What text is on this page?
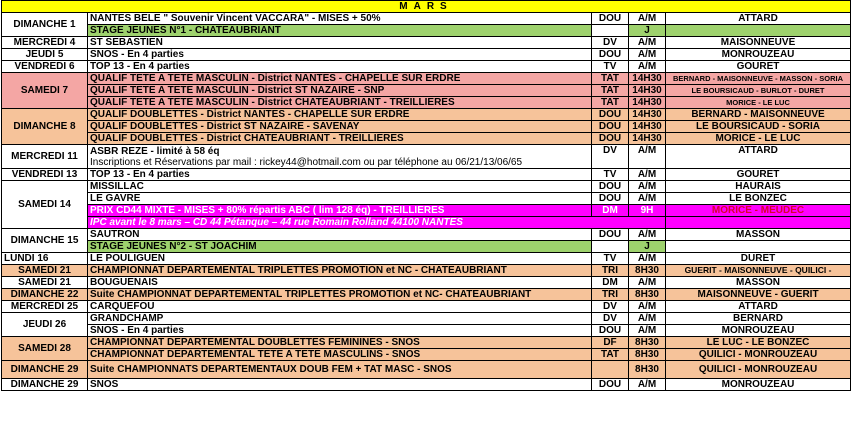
MARS					
DIMANCHE 1	NANTES BELE " Souvenir Vincent VACCARA" - MISES + 50%	DOU	A/M	ATTARD	
	STAGE JEUNES N°1 - CHATEAUBRIANT		J		
MERCREDI 4	ST SEBASTIEN	DV	A/M	MAISONNEUVE	
JEUDI 5	SNOS - En 4 parties	DOU	A/M	MONROUZEAU	
VENDREDI 6	TOP 13 - En 4 parties	TV	A/M	GOURET	
SAMEDI 7	QUALIF TETE A TETE MASCULIN - District NANTES - CHAPELLE SUR ERDRE	TAT	14H30	BERNARD - MAISONNEUVE - MASSON - SORIA	
	QUALIF TETE A TETE MASCULIN - District ST NAZAIRE - SNP	TAT	14H30	LE BOURSICAUD - BURLOT - DURET	
	QUALIF TETE A TETE MASCULIN - District CHATEAUBRIANT - TREILLIERES	TAT	14H30	MORICE - LE LUC	
DIMANCHE 8	QUALIF DOUBLETTES - District NANTES - CHAPELLE SUR ERDRE	DOU	14H30	BERNARD - MAISONNEUVE	
	QUALIF DOUBLETTES - District ST NAZAIRE - SAVENAY	DOU	14H30	LE BOURSICAUD - SORIA	
	QUALIF DOUBLETTES - District CHATEAUBRIANT - TREILLIERES	DOU	14H30	MORICE - LE LUC	
MERCREDI 11	ASBR REZE - limité à 58 éq
Inscriptions et Réservations par mail : rickey44@hotmail.com ou par téléphone au 06/21/13/06/65	DV	A/M	ATTARD	
VENDREDI 13	TOP 13 - En 4 parties	TV	A/M	GOURET	
SAMEDI 14	MISSILLAC	DOU	A/M	HAURAIS	
	LE GAVRE	DOU	A/M	LE BONZEC	
	PRIX CD44 MIXTE - MISES + 80% répartis ABC ( lim 128 éq) - TREILLIERES	DM	9H	MORICE - MEUDEC	
	IPC avant le 8 mars – CD 44 Pétanque – 44 rue Romain Rolland 44100 NANTES		
DIMANCHE 15	SAUTRON	DOU	A/M	MASSON	
	STAGE JEUNES N°2 - ST JOACHIM		J		
LUNDI 16	LE POULIGUEN	TV	A/M	DURET	
SAMEDI 21	CHAMPIONNAT DEPARTEMENTAL TRIPLETTES PROMOTION et NC - CHATEAUBRIANT	TRI	8H30	GUERIT - MAISONNEUVE - QUILICI -	
SAMEDI 21	BOUGUENAIS	DM	A/M	MASSON	
DIMANCHE 22	Suite CHAMPIONNAT DEPARTEMENTAL TRIPLETTES PROMOTION et NC- CHATEAUBRIANT	TRI	8H30	MAISONNEUVE - GUERIT	
MERCREDI 25	CARQUEFOU	DV	A/M	ATTARD	
JEUDI 26	GRANDCHAMP	DV	A/M	BERNARD	
	SNOS - En 4 parties	DOU	A/M	MONROUZEAU	
SAMEDI 28	CHAMPIONNAT DEPARTEMENTAL DOUBLETTES FEMININES - SNOS	DF	8H30	LE LUC - LE BONZEC	
	CHAMPIONNAT DEPARTEMENTAL TETE A TETE MASCULINS - SNOS	TAT	8H30	QUILICI - MONROUZEAU	
DIMANCHE 29	Suite CHAMPIONNATS DEPARTEMENTAUX DOUB FEM + TAT MASC - SNOS		8H30	QUILICI - MONROUZEAU	
DIMANCHE 29	SNOS	DOU	A/M	MONROUZEAU	
